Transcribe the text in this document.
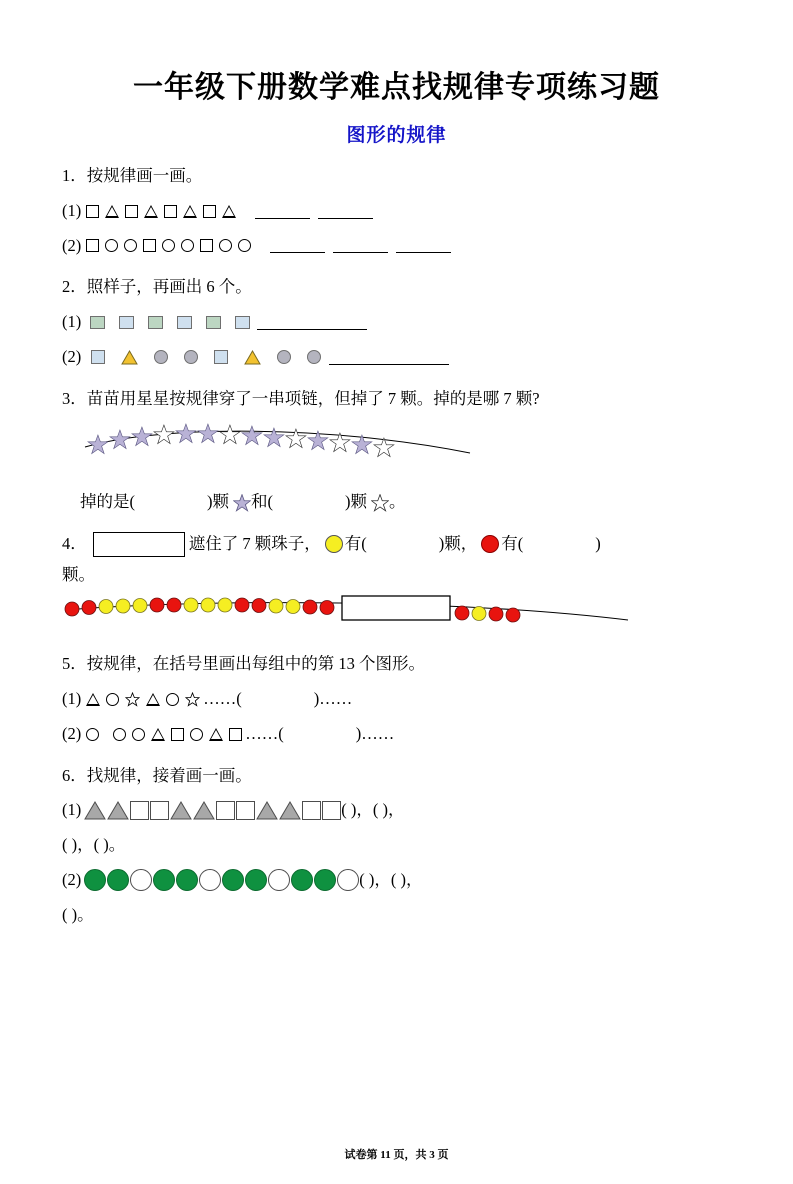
一年级下册数学难点找规律专项练习题
图形的规律
1．按规律画一画。
(1)
(2)
2．照样子，再画出 6 个。
(1)
(2)
3．苗苗用星星按规律穿了一串项链，但掉了 7 颗。掉的是哪 7 颗?
掉的是(	)颗 和(	)颗 。
4．	遮住了 7 颗珠子， 有(	)颗， 有(	)
颗。
5．按规律，在括号里画出每组中的第 13 个图形。
(1)	……(	)……
(2)	……(	)……
6．找规律，接着画一画。
(1)	( )，( )，
( )，( )。
(2)	( )，( )，
( )。
试卷第 11 页，共 3 页
